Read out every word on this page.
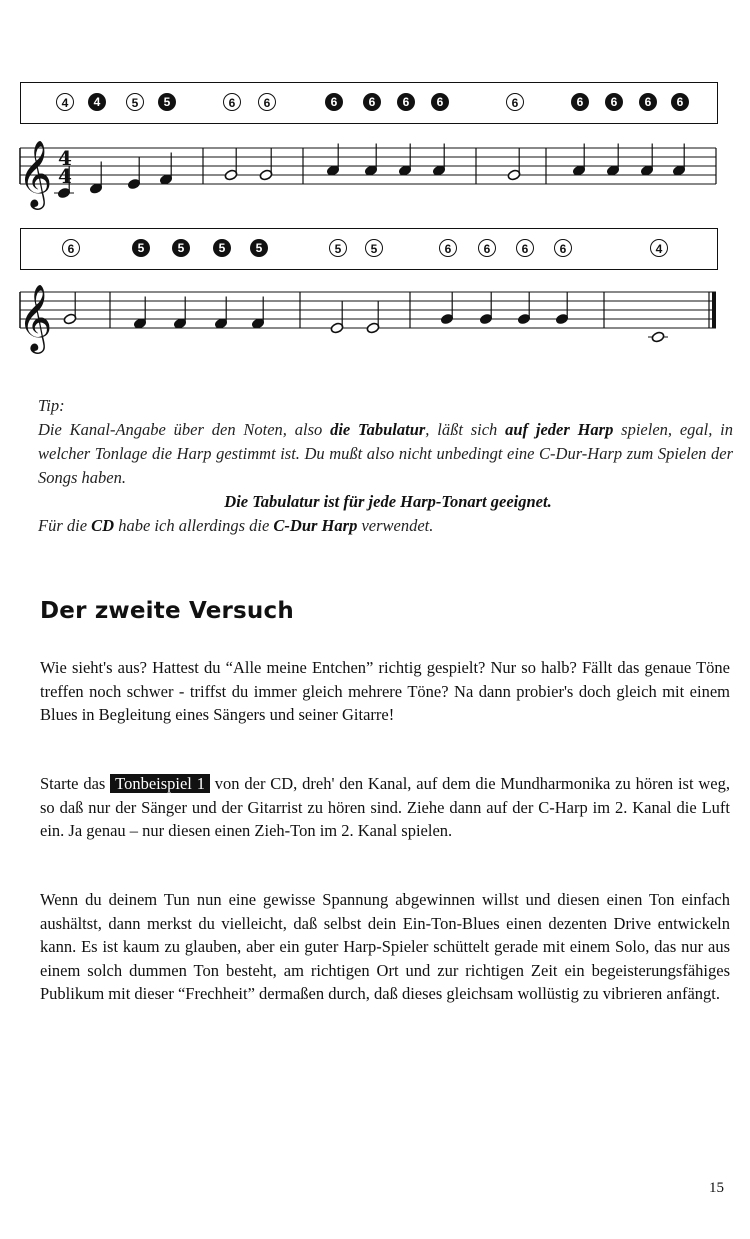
4	4	5	5	6	6	6	6	6	6	6	6	6	6	6
𝄞 4
4
6	5	5	5	5	5	5	6	6	6	6	4
𝄞

Tip:

Die Kanal-Angabe über den Noten, also die Tabulatur, läßt sich auf jeder Harp spielen, egal, in welcher Tonlage die Harp gestimmt ist. Du mußt also nicht unbedingt eine C-Dur-Harp zum Spielen der Songs haben.

Die Tabulatur ist für jede Harp-Tonart geeignet.

Für die CD habe ich allerdings die C-Dur Harp verwendet.

Der zweite Versuch

Wie sieht's aus? Hattest du “Alle meine Entchen” richtig gespielt? Nur so halb? Fällt das genaue Töne treffen noch schwer - triffst du immer gleich mehrere Töne? Na dann probier's doch gleich mit einem Blues in Begleitung eines Sängers und seiner Gitarre!

Starte das Tonbeispiel 1 von der CD, dreh' den Kanal, auf dem die Mundharmonika zu hören ist weg, so daß nur der Sänger und der Gitarrist zu hören sind. Ziehe dann auf der C-Harp im 2. Kanal die Luft ein. Ja genau – nur diesen einen Zieh-Ton im 2. Kanal spielen.

Wenn du deinem Tun nun eine gewisse Spannung abgewinnen willst und diesen einen Ton einfach aushältst, dann merkst du vielleicht, daß selbst dein Ein-Ton-Blues einen dezenten Drive entwickeln kann. Es ist kaum zu glauben, aber ein guter Harp-Spieler schüttelt gerade mit einem Solo, das nur aus einem solch dummen Ton besteht, am richtigen Ort und zur richtigen Zeit ein begeisterungsfähiges Publikum mit dieser “Frechheit” dermaßen durch, daß dieses gleichsam wollüstig zu vibrieren anfängt.

15
